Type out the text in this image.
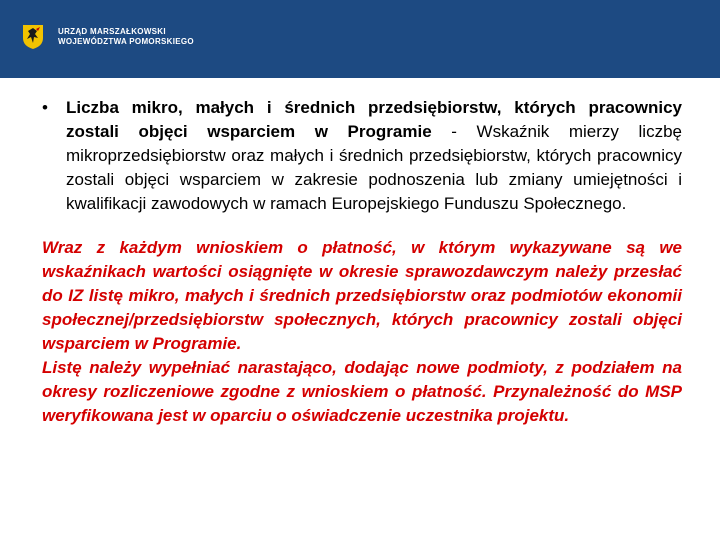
URZĄD MARSZAŁKOWSKI
WOJEWÓDZTWA POMORSKIEGO
•	Liczba mikro, małych i średnich przedsiębiorstw, których pracownicy zostali objęci wsparciem w Programie - Wskaźnik mierzy liczbę mikroprzedsiębiorstw oraz małych i średnich przedsiębiorstw, których pracownicy zostali objęci wsparciem w zakresie podnoszenia lub zmiany umiejętności i kwalifikacji zawodowych w ramach Europejskiego Funduszu Społecznego.

Wraz z każdym wnioskiem o płatność, w którym wykazywane są we wskaźnikach wartości osiągnięte w okresie sprawozdawczym należy przesłać do IZ listę mikro, małych i średnich przedsiębiorstw oraz podmiotów ekonomii społecznej/przedsiębiorstw społecznych, których pracownicy zostali objęci wsparciem w Programie.

Listę należy wypełniać narastająco, dodając nowe podmioty, z podziałem na okresy rozliczeniowe zgodne z wnioskiem o płatność. Przynależność do MSP weryfikowana jest w oparciu o oświadczenie uczestnika projektu.
